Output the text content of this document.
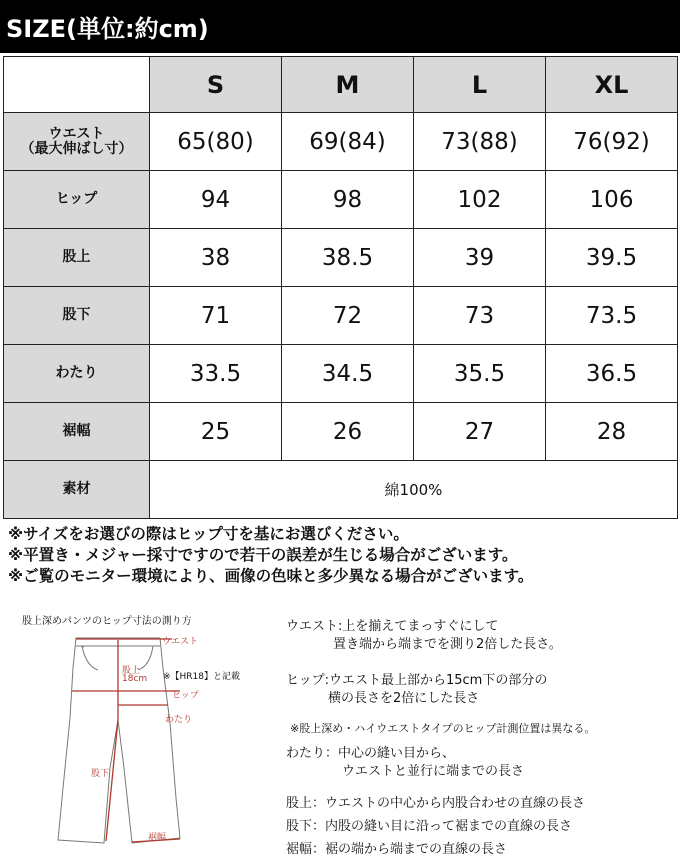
SIZE(単位:約cm)
	S	M	L	XL

ウエスト
（最大伸ばし寸）	65(80)	69(84)	73(88)	76(92)
ヒップ	94	98	102	106
股上	38	38.5	39	39.5
股下	71	72	73	73.5
わたり	33.5	34.5	35.5	36.5
裾幅	25	26	27	28
素材	綿100%			
※サイズをお選びの際はヒップ寸を基にお選びください。
※平置き・メジャー採寸ですので若干の誤差が生じる場合がございます。
※ご覧のモニター環境により、画像の色味と多少異なる場合がございます。
股上深めパンツのヒップ寸法の測り方
ウエスト
股上
18cm ※【HR18】と記載
ヒップ
わたり
股下
裾幅
ウエスト:上を揃えてまっすぐにして
置き端から端までを測り2倍した長さ。
ヒップ:ウエスト最上部から15cm下の部分の
横の長さを2倍にした長さ
※股上深め・ハイウエストタイプのヒップ計測位置は異なる。
わたり：中心の縫い目から、
ウエストと並行に端までの長さ
股上：ウエストの中心から内股合わせの直線の長さ
股下：内股の縫い目に沿って裾までの直線の長さ
裾幅：裾の端から端までの直線の長さ
